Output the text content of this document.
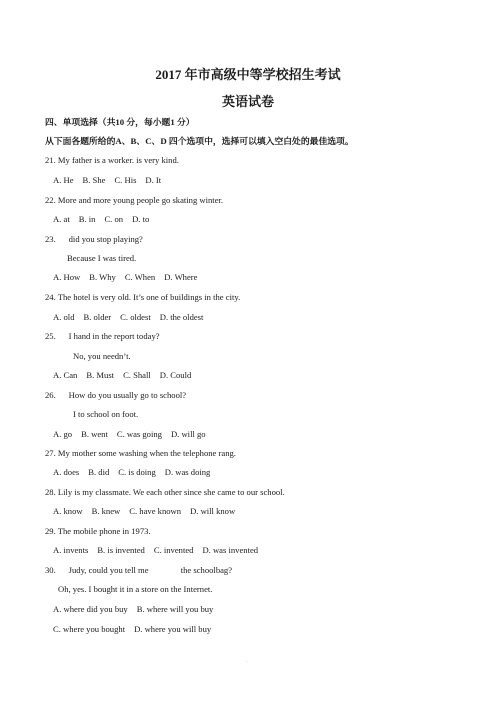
2017 年市高级中等学校招生考试
英语试卷
四、单项选择（共10 分，每小题1 分）
从下面各题所给的A、B、C、D 四个选项中，选择可以填入空白处的最佳选项。
21. My father is a worker. is very kind.
A. He B. She C. His D. It
22. More and more young people go skating winter.
A. at B. in C. on D. to
23.      did you stop playing?
Because I was tired.
A. How B. Why C. When D. Where
24. The hotel is very old. It’s one of buildings in the city.
A. old B. older C. oldest D. the oldest
25.      I hand in the report today?
No, you needn’t.
A. Can B. Must C. Shall D. Could
26.      How do you usually go to school?
I to school on foot.
A. go B. went C. was going D. will go
27. My mother some washing when the telephone rang.
A. does B. did C. is doing D. was doing
28. Lily is my classmate. We each other since she came to our school.
A. know B. knew C. have known D. will know
29. The mobile phone in 1973.
A. invents B. is invented C. invented D. was invented
30.      Judy, could you tell me               the schoolbag?
Oh, yes. I bought it in a store on the Internet.
A. where did you buy B. where will you buy
C. where you bought D. where you will buy
.
